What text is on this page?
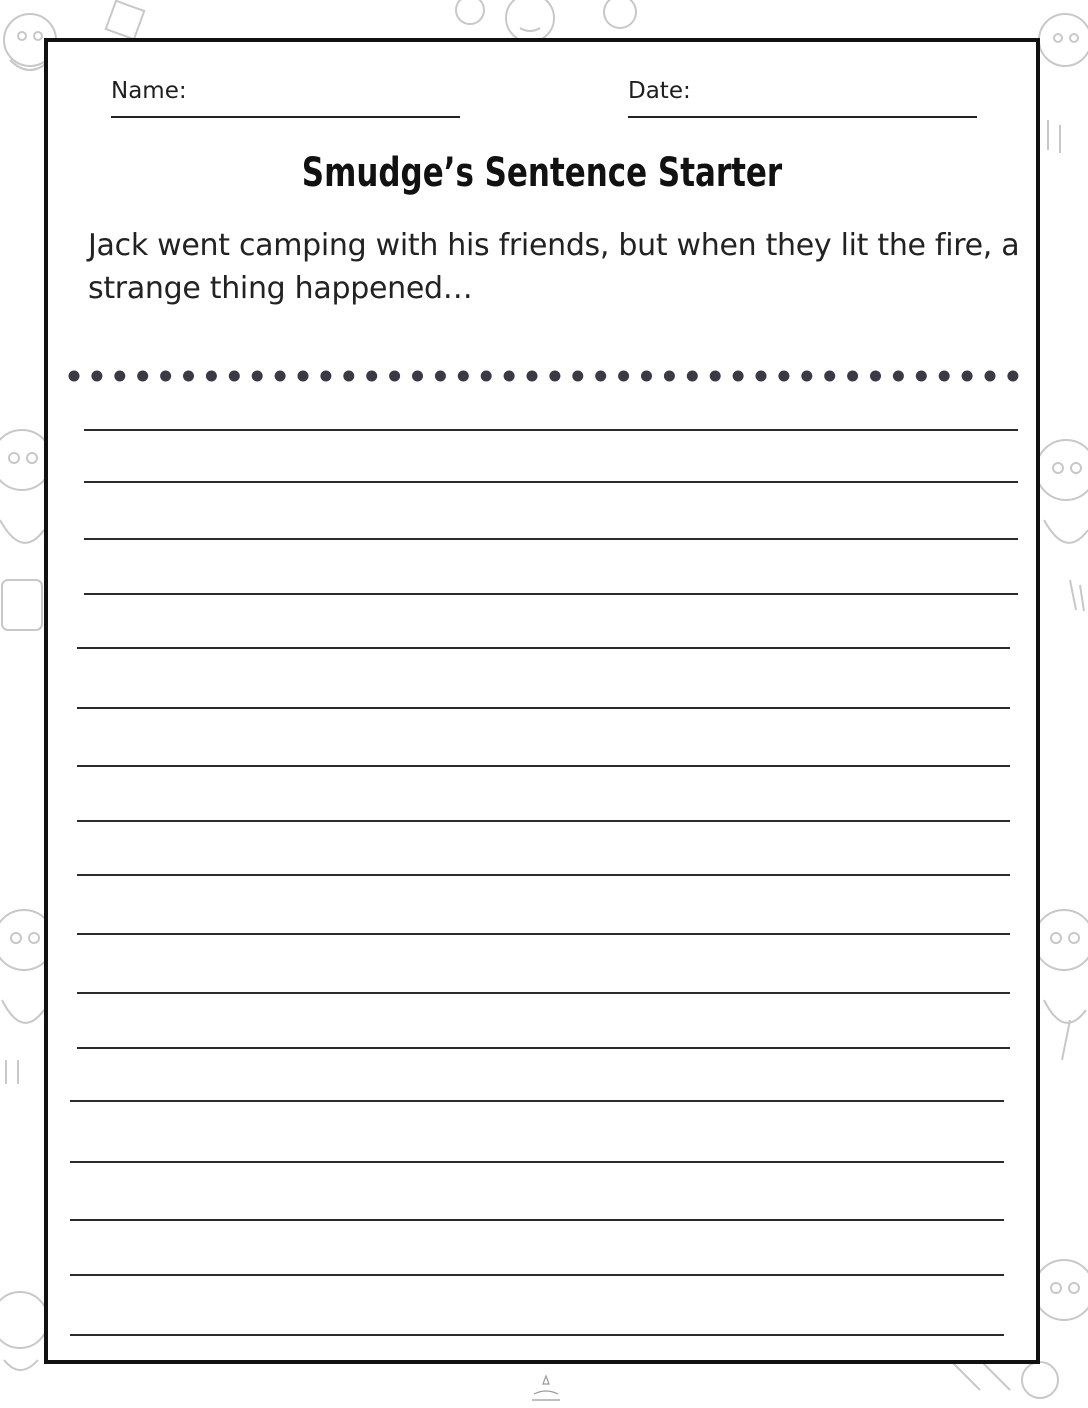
Name:	Date:
Smudge’s Sentence Starter
Jack went camping with his friends, but when they lit the fire, a strange thing happened…
